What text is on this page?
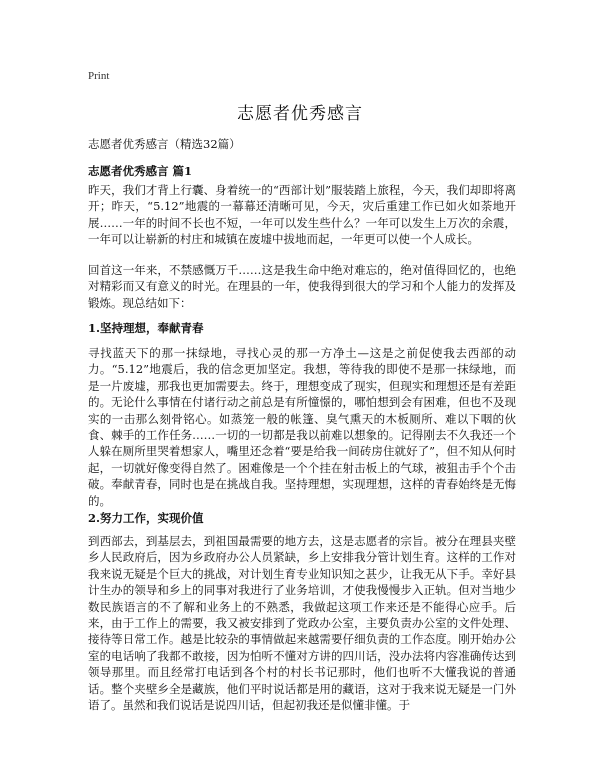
Print
志愿者优秀感言
志愿者优秀感言（精选32篇）
志愿者优秀感言 篇1
昨天，我们才背上行囊、身着统一的“西部计划”服装踏上旅程，今天，我们却即将离开；昨天，“5.12”地震的一幕幕还清晰可见，今天，灾后重建工作已如火如荼地开展……一年的时间不长也不短，一年可以发生些什么？一年可以发生上万次的余震，一年可以让崭新的村庄和城镇在废墟中拔地而起，一年更可以使一个人成长。
回首这一年来，不禁感慨万千……这是我生命中绝对难忘的，绝对值得回忆的，也绝对精彩而又有意义的时光。在理县的一年，使我得到很大的学习和个人能力的发挥及锻炼。现总结如下：
1.坚持理想，奉献青春
寻找蓝天下的那一抹绿地，寻找心灵的那一方净土—这是之前促使我去西部的动力。“5.12”地震后，我的信念更加坚定。我想，等待我的即使不是那一抹绿地，而是一片废墟，那我也更加需要去。终于，理想变成了现实，但现实和理想还是有差距的。无论什么事情在付诸行动之前总是有所憧憬的，哪怕想到会有困难，但也不及现实的一击那么刻骨铭心。如蒸笼一般的帐篷、臭气熏天的木板厕所、难以下咽的伙食、棘手的工作任务……一切的一切都是我以前难以想象的。记得刚去不久我还一个人躲在厕所里哭着想家人，嘴里还念着“要是给我一间砖房住就好了”，但不知从何时起，一切就好像变得自然了。困难像是一个个挂在射击板上的气球，被狙击手个个击破。奉献青春，同时也是在挑战自我。坚持理想，实现理想，这样的青春始终是无悔的。
2.努力工作，实现价值
到西部去，到基层去，到祖国最需要的地方去，这是志愿者的宗旨。被分在理县夹壁乡人民政府后，因为乡政府办公人员紧缺，乡上安排我分管计划生育。这样的工作对我来说无疑是个巨大的挑战，对计划生育专业知识知之甚少，让我无从下手。幸好县计生办的领导和乡上的同事对我进行了业务培训，才使我慢慢步入正轨。但对当地少数民族语言的不了解和业务上的不熟悉，我做起这项工作来还是不能得心应手。后来，由于工作上的需要，我又被安排到了党政办公室，主要负责办公室的文件处理、接待等日常工作。越是比较杂的事情做起来越需要仔细负责的工作态度。刚开始办公室的电话响了我都不敢接，因为怕听不懂对方讲的四川话，没办法将内容准确传达到领导那里。而且经常打电话到各个村的村长书记那时，他们也听不大懂我说的普通话。整个夹壁乡全是藏族，他们平时说话都是用的藏语，这对于我来说无疑是一门外语了。虽然和我们说话是说四川话，但起初我还是似懂非懂。于
